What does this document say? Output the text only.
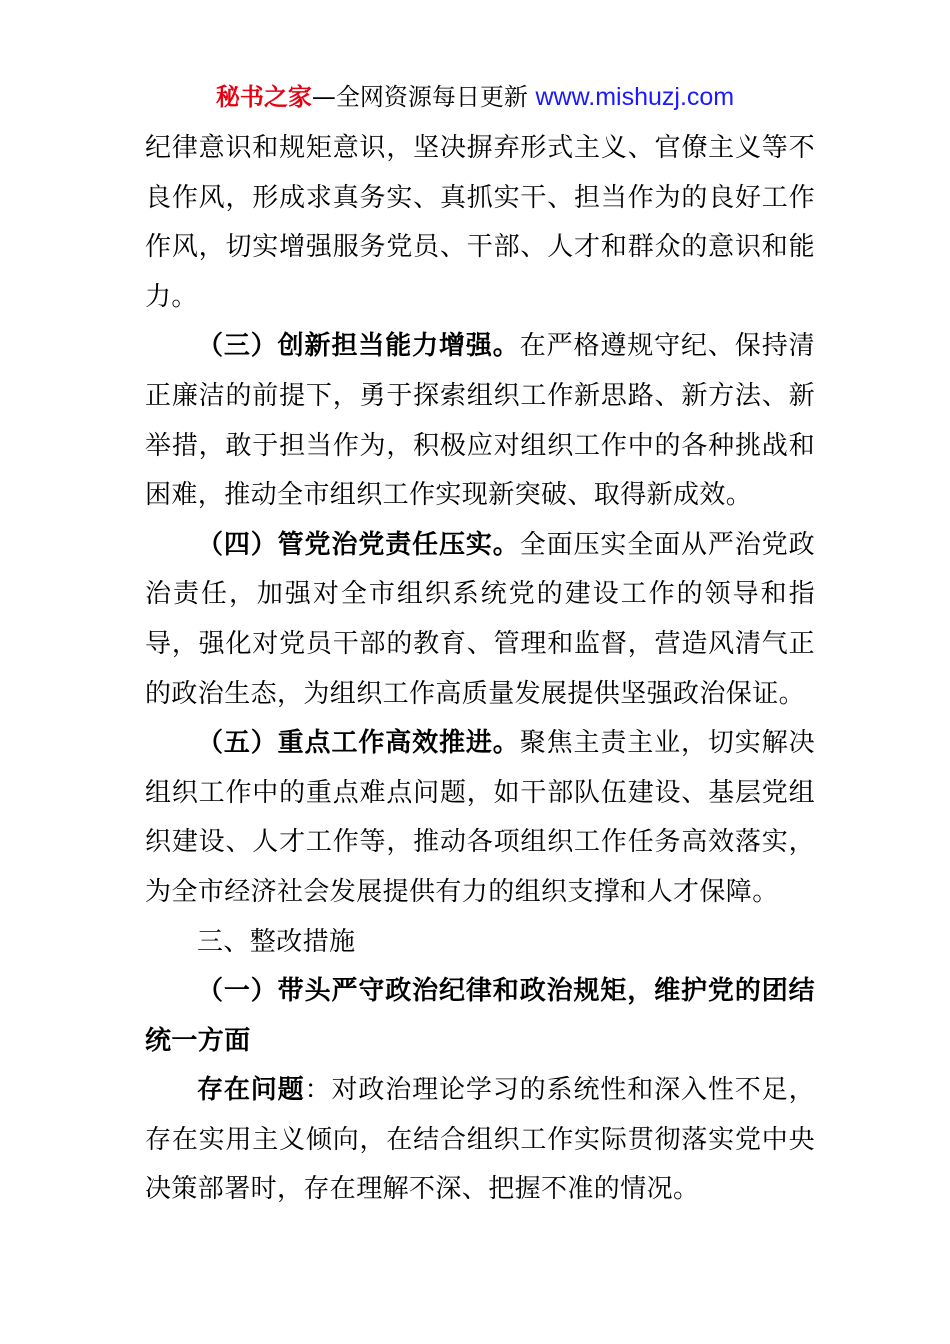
秘书之家—全网资源每日更新 www.mishuzj.com

纪律意识和规矩意识，坚决摒弃形式主义、官僚主义等不良作风，形成求真务实、真抓实干、担当作为的良好工作作风，切实增强服务党员、干部、人才和群众的意识和能力。

（三）创新担当能力增强。在严格遵规守纪、保持清正廉洁的前提下，勇于探索组织工作新思路、新方法、新举措，敢于担当作为，积极应对组织工作中的各种挑战和困难，推动全市组织工作实现新突破、取得新成效。

（四）管党治党责任压实。全面压实全面从严治党政治责任，加强对全市组织系统党的建设工作的领导和指导，强化对党员干部的教育、管理和监督，营造风清气正的政治生态，为组织工作高质量发展提供坚强政治保证。

（五）重点工作高效推进。聚焦主责主业，切实解决组织工作中的重点难点问题，如干部队伍建设、基层党组织建设、人才工作等，推动各项组织工作任务高效落实，为全市经济社会发展提供有力的组织支撑和人才保障。

三、整改措施

（一）带头严守政治纪律和政治规矩，维护党的团结统一方面

存在问题：对政治理论学习的系统性和深入性不足，存在实用主义倾向，在结合组织工作实际贯彻落实党中央决策部署时，存在理解不深、把握不准的情况。
